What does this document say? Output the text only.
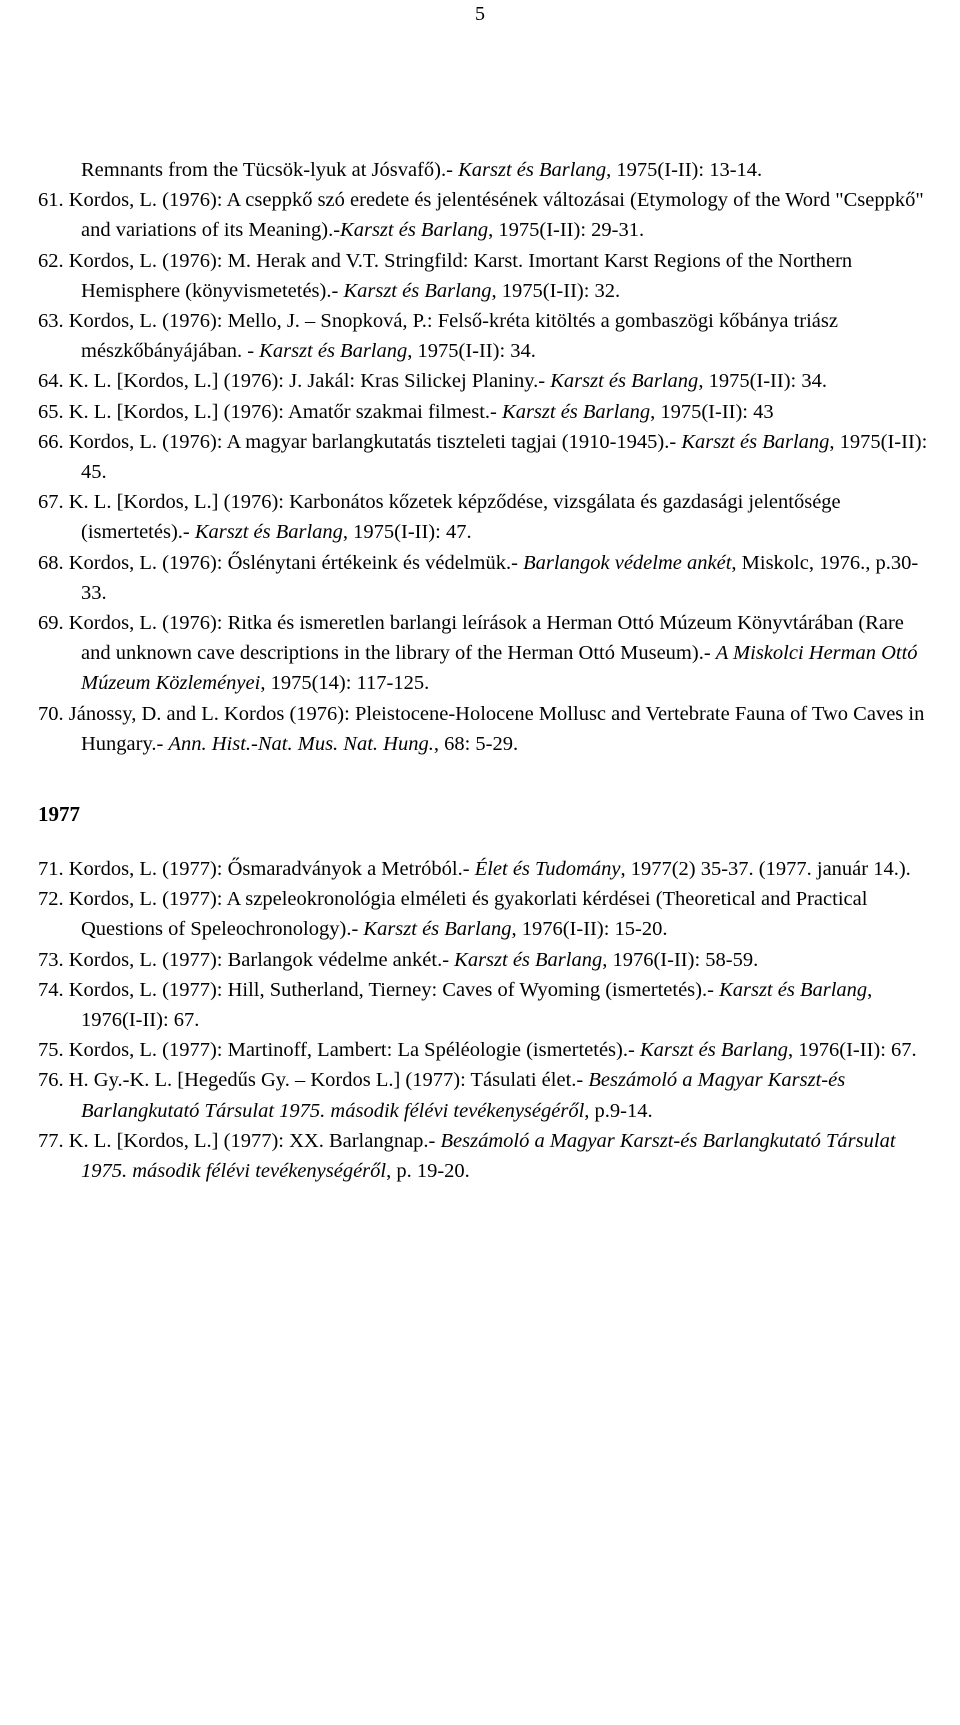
5
Remnants from the Tücsök-lyuk at Jósvafő).- Karszt és Barlang, 1975(I-II): 13-14.
61. Kordos, L. (1976): A cseppkő szó eredete és jelentésének változásai (Etymology of the Word "Cseppkő" and variations of its Meaning).-Karszt és Barlang, 1975(I-II): 29-31.
62. Kordos, L. (1976): M. Herak and V.T. Stringfild: Karst. Imortant Karst Regions of the Northern Hemisphere (könyvismetetés).- Karszt és Barlang, 1975(I-II): 32.
63. Kordos, L. (1976): Mello, J. – Snopková, P.: Felső-kréta kitöltés a gombaszögi kőbánya triász mészkőbányájában. - Karszt és Barlang, 1975(I-II): 34.
64. K. L. [Kordos, L.] (1976): J. Jakál: Kras Silickej Planiny.- Karszt és Barlang, 1975(I-II): 34.
65. K. L. [Kordos, L.] (1976): Amatőr szakmai filmest.- Karszt és Barlang, 1975(I-II): 43
66. Kordos, L. (1976): A magyar barlangkutatás tiszteleti tagjai (1910-1945).- Karszt és Barlang, 1975(I-II): 45.
67. K. L. [Kordos, L.] (1976): Karbonátos kőzetek képződése, vizsgálata és gazdasági jelentősége (ismertetés).- Karszt és Barlang, 1975(I-II): 47.
68. Kordos, L. (1976): Őslénytani értékeink és védelmük.- Barlangok védelme ankét, Miskolc, 1976., p.30-33.
69. Kordos, L. (1976): Ritka és ismeretlen barlangi leírások a Herman Ottó Múzeum Könyvtárában (Rare and unknown cave descriptions in the library of the Herman Ottó Museum).- A Miskolci Herman Ottó Múzeum Közleményei, 1975(14): 117-125.
70. Jánossy, D. and L. Kordos (1976): Pleistocene-Holocene Mollusc and Vertebrate Fauna of Two Caves in Hungary.- Ann. Hist.-Nat. Mus. Nat. Hung., 68: 5-29.
1977
71. Kordos, L. (1977): Ősmaradványok a Metróból.- Élet és Tudomány, 1977(2) 35-37. (1977. január 14.).
72. Kordos, L. (1977): A szpeleokronológia elméleti és gyakorlati kérdései (Theoretical and Practical Questions of Speleochronology).- Karszt és Barlang, 1976(I-II): 15-20.
73. Kordos, L. (1977): Barlangok védelme ankét.- Karszt és Barlang, 1976(I-II): 58-59.
74. Kordos, L. (1977): Hill, Sutherland, Tierney: Caves of Wyoming (ismertetés).- Karszt és Barlang, 1976(I-II): 67.
75. Kordos, L. (1977): Martinoff, Lambert: La Spéléologie (ismertetés).- Karszt és Barlang, 1976(I-II): 67.
76. H. Gy.-K. L. [Hegedűs Gy. – Kordos L.] (1977): Tásulati élet.- Beszámoló a Magyar Karszt-és Barlangkutató Társulat 1975. második félévi tevékenységéről, p.9-14.
77. K. L. [Kordos, L.] (1977): XX. Barlangnap.- Beszámoló a Magyar Karszt-és Barlangkutató Társulat 1975. második félévi tevékenységéről, p. 19-20.
